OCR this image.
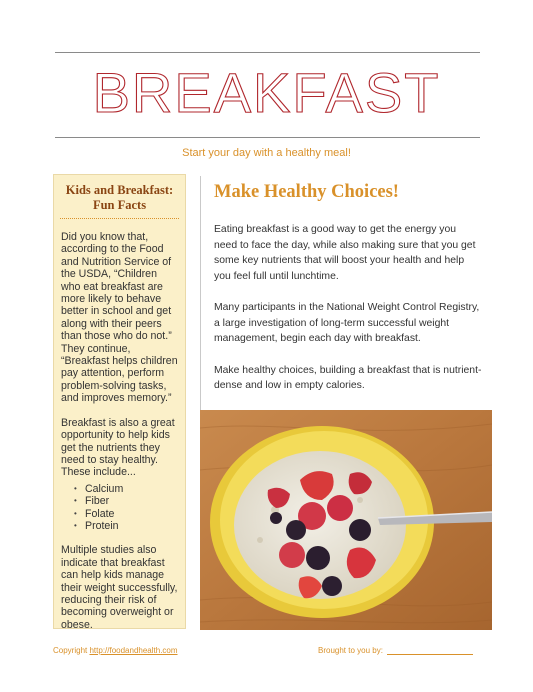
BREAKFAST
Start your day with a healthy meal!
Kids and Breakfast: Fun Facts

Did you know that, according to the Food and Nutrition Service of the USDA, “Children who eat breakfast are more likely to behave better in school and get along with their peers than those who do not.” They continue, “Breakfast helps children pay attention, perform problem-solving tasks, and improves memory.”

Breakfast is also a great opportunity to help kids get the nutrients they need to stay healthy. These include...

• Calcium
• Fiber
• Folate
• Protein

Multiple studies also indicate that breakfast can help kids manage their weight successfully, reducing their risk of becoming overweight or obese.

Make Healthy Choices!

Eating breakfast is a good way to get the energy you need to face the day, while also making sure that you get some key nutrients that will boost your health and help you feel full until lunchtime.

Many participants in the National Weight Control Registry, a large investigation of long-term successful weight management, begin each day with breakfast.

Make healthy choices, building a breakfast that is nutrient-dense and low in empty calories.

Copyright http://foodandhealth.com	Brought to you by:
